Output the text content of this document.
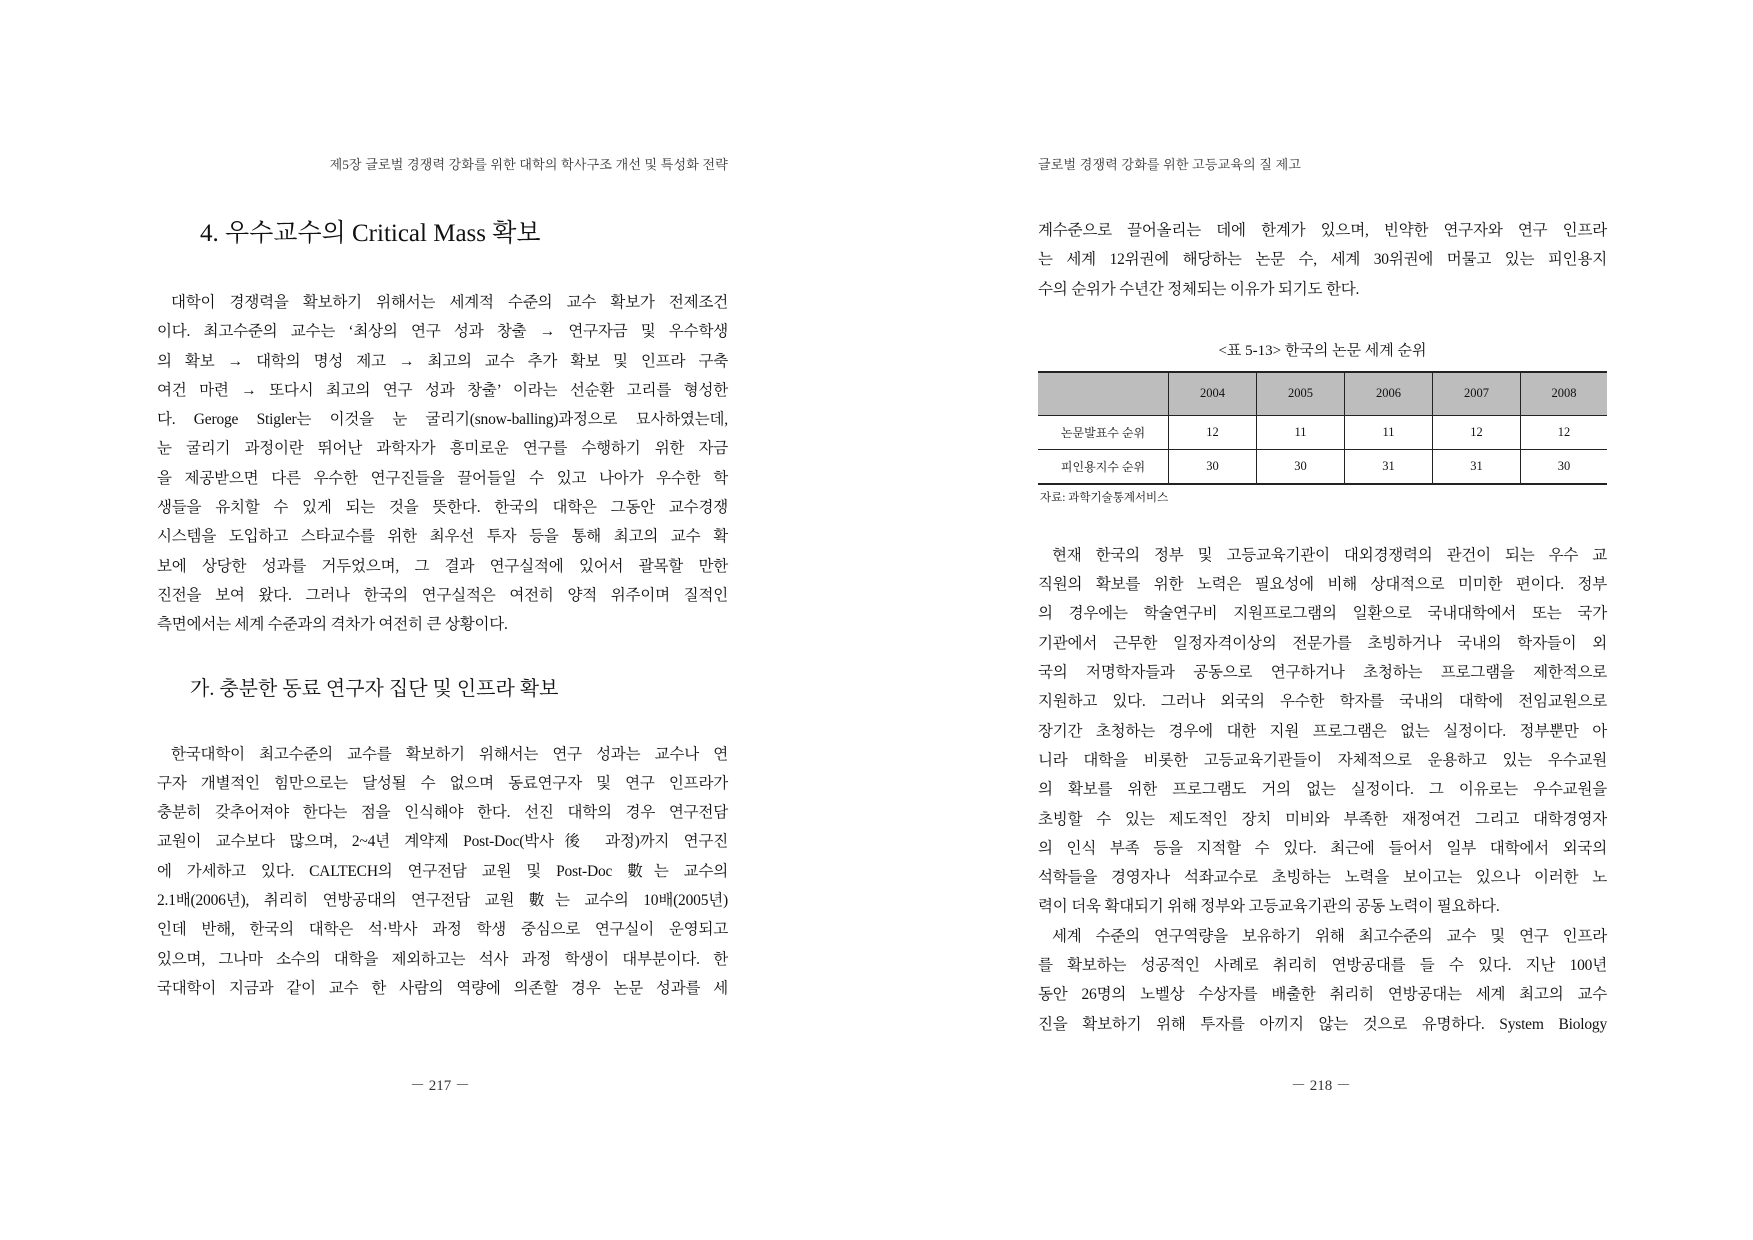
제5장 글로벌 경쟁력 강화를 위한 대학의 학사구조 개선 및 특성화 전략
4. 우수교수의 Critical Mass 확보
대학이 경쟁력을 확보하기 위해서는 세계적 수준의 교수 확보가 전제조건
이다. 최고수준의 교수는 ‘최상의 연구 성과 창출 → 연구자금 및 우수학생
의 확보 → 대학의 명성 제고 → 최고의 교수 추가 확보 및 인프라 구축
여건 마련 → 또다시 최고의 연구 성과 창출’ 이라는 선순환 고리를 형성한
다. Geroge Stigler는 이것을 눈 굴리기(snow-balling)과정으로 묘사하였는데,
눈 굴리기 과정이란 뛰어난 과학자가 흥미로운 연구를 수행하기 위한 자금
을 제공받으면 다른 우수한 연구진들을 끌어들일 수 있고 나아가 우수한 학
생들을 유치할 수 있게 되는 것을 뜻한다. 한국의 대학은 그동안 교수경쟁
시스템을 도입하고 스타교수를 위한 최우선 투자 등을 통해 최고의 교수 확
보에 상당한 성과를 거두었으며, 그 결과 연구실적에 있어서 괄목할 만한
진전을 보여 왔다. 그러나 한국의 연구실적은 여전히 양적 위주이며 질적인
측면에서는 세계 수준과의 격차가 여전히 큰 상황이다.
가. 충분한 동료 연구자 집단 및 인프라 확보
한국대학이 최고수준의 교수를 확보하기 위해서는 연구 성과는 교수나 연
구자 개별적인 힘만으로는 달성될 수 없으며 동료연구자 및 연구 인프라가
충분히 갖추어져야 한다는 점을 인식해야 한다. 선진 대학의 경우 연구전담
교원이 교수보다 많으며, 2~4년 계약제 Post-Doc(박사後 과정)까지 연구진
에 가세하고 있다. CALTECH의 연구전담 교원 및 Post-Doc 數는 교수의
2.1배(2006년), 취리히 연방공대의 연구전담 교원 數는 교수의 10배(2005년)
인데 반해, 한국의 대학은 석·박사 과정 학생 중심으로 연구실이 운영되고
있으며, 그나마 소수의 대학을 제외하고는 석사 과정 학생이 대부분이다. 한
국대학이 지금과 같이 교수 한 사람의 역량에 의존할 경우 논문 성과를 세
－ 217 －
글로벌 경쟁력 강화를 위한 고등교육의 질 제고
계수준으로 끌어올리는 데에 한계가 있으며, 빈약한 연구자와 연구 인프라
는 세계 12위권에 해당하는 논문 수, 세계 30위권에 머물고 있는 피인용지
수의 순위가 수년간 정체되는 이유가 되기도 한다.
<표 5-13> 한국의 논문 세계 순위
	2004	2005	2006	2007	2008
논문발표수 순위	12	11	11	12	12
피인용지수 순위	30	30	31	31	30
자료: 과학기술통계서비스
현재 한국의 정부 및 고등교육기관이 대외경쟁력의 관건이 되는 우수 교
직원의 확보를 위한 노력은 필요성에 비해 상대적으로 미미한 편이다. 정부
의 경우에는 학술연구비 지원프로그램의 일환으로 국내대학에서 또는 국가
기관에서 근무한 일정자격이상의 전문가를 초빙하거나 국내의 학자들이 외
국의 저명학자들과 공동으로 연구하거나 초청하는 프로그램을 제한적으로
지원하고 있다. 그러나 외국의 우수한 학자를 국내의 대학에 전임교원으로
장기간 초청하는 경우에 대한 지원 프로그램은 없는 실정이다. 정부뿐만 아
니라 대학을 비롯한 고등교육기관들이 자체적으로 운용하고 있는 우수교원
의 확보를 위한 프로그램도 거의 없는 실정이다. 그 이유로는 우수교원을
초빙할 수 있는 제도적인 장치 미비와 부족한 재정여건 그리고 대학경영자
의 인식 부족 등을 지적할 수 있다. 최근에 들어서 일부 대학에서 외국의
석학들을 경영자나 석좌교수로 초빙하는 노력을 보이고는 있으나 이러한 노
력이 더욱 확대되기 위해 정부와 고등교육기관의 공동 노력이 필요하다.
세계 수준의 연구역량을 보유하기 위해 최고수준의 교수 및 연구 인프라
를 확보하는 성공적인 사례로 취리히 연방공대를 들 수 있다. 지난 100년
동안 26명의 노벨상 수상자를 배출한 취리히 연방공대는 세계 최고의 교수
진을 확보하기 위해 투자를 아끼지 않는 것으로 유명하다. System Biology
－ 218 －
